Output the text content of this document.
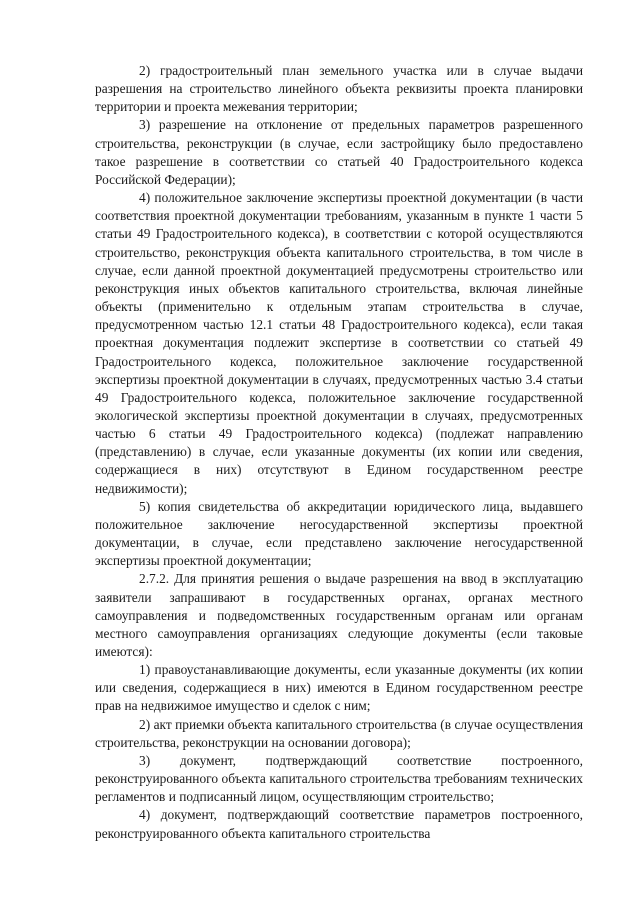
2) градостроительный план земельного участка или в случае выдачи разрешения на строительство линейного объекта реквизиты проекта планировки территории и проекта межевания территории;

3) разрешение на отклонение от предельных параметров разрешенного строительства, реконструкции (в случае, если застройщику было предоставлено такое разрешение в соответствии со статьей 40 Градостроительного кодекса Российской Федерации);

4) положительное заключение экспертизы проектной документации (в части соответствия проектной документации требованиям, указанным в пункте 1 части 5 статьи 49 Градостроительного кодекса), в соответствии с которой осуществляются строительство, реконструкция объекта капитального строительства, в том числе в случае, если данной проектной документацией предусмотрены строительство или реконструкция иных объектов капитального строительства, включая линейные объекты (применительно к отдельным этапам строительства в случае, предусмотренном частью 12.1 статьи 48 Градостроительного кодекса), если такая проектная документация подлежит экспертизе в соответствии со статьей 49 Градостроительного кодекса, положительное заключение государственной экспертизы проектной документации в случаях, предусмотренных частью 3.4 статьи 49 Градостроительного кодекса, положительное заключение государственной экологической экспертизы проектной документации в случаях, предусмотренных частью 6 статьи 49 Градостроительного кодекса) (подлежат направлению (представлению) в случае, если указанные документы (их копии или сведения, содержащиеся в них) отсутствуют в Едином государственном реестре недвижимости);

5) копия свидетельства об аккредитации юридического лица, выдавшего положительное заключение негосударственной экспертизы проектной документации, в случае, если представлено заключение негосударственной экспертизы проектной документации;

2.7.2. Для принятия решения о выдаче разрешения на ввод в эксплуатацию заявители запрашивают в государственных органах, органах местного самоуправления и подведомственных государственным органам или органам местного самоуправления организациях следующие документы (если таковые имеются):

1) правоустанавливающие документы, если указанные документы (их копии или сведения, содержащиеся в них) имеются в Едином государственном реестре прав на недвижимое имущество и сделок с ним;

2) акт приемки объекта капитального строительства (в случае осуществления строительства, реконструкции на основании договора);

3) документ, подтверждающий соответствие построенного, реконструированного объекта капитального строительства требованиям технических регламентов и подписанный лицом, осуществляющим строительство;

4) документ, подтверждающий соответствие параметров построенного, реконструированного объекта капитального строительства
